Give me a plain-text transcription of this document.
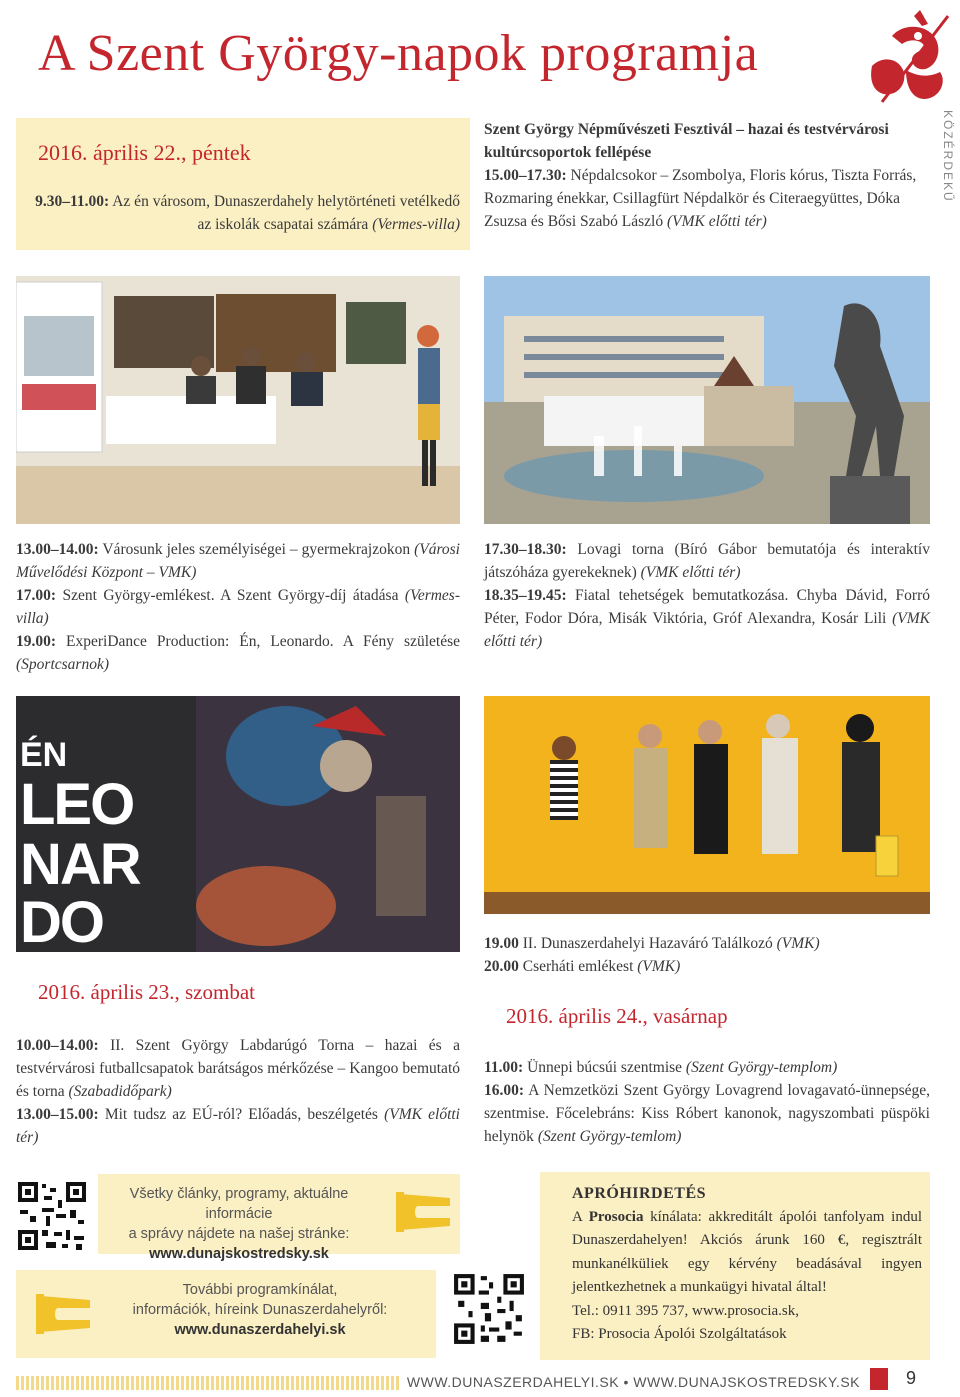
A Szent György-napok programja
KÖZÉRDEKŰ
2016. április 22., péntek

9.30–11.00: Az én városom, Dunaszerdahely helytörténeti vetélkedő az iskolák csapatai számára (Vermes-villa)

Szent György Népművészeti Fesztivál – hazai és testvérvárosi kultúrcsoportok fellépése

15.00–17.30: Népdalcsokor – Zsombolya, Floris kórus, Tiszta Forrás, Rozmaring énekkar, Csillagfürt Népdalkör és Citeraegyüttes, Dóka Zsuzsa és Bősi Szabó László (VMK előtti tér)

13.00–14.00: Városunk jeles személyiségei – gyermekrajzokon (Városi Művelődési Központ – VMK)

17.00: Szent György-emlékest. A Szent György-díj átadása (Vermes-villa)

19.00: ExperiDance Production: Én, Leonardo. A Fény születése (Sportcsarnok)

17.30–18.30: Lovagi torna (Bíró Gábor bemutatója és interaktív játszóháza gyerekeknek) (VMK előtti tér)

18.35–19.45: Fiatal tehetségek bemutatkozása. Chyba Dávid, Forró Péter, Fodor Dóra, Misák Viktória, Gróf Alexandra, Kosár Lili (VMK előtti tér)

ÉN
LEO
NAR
DO	19.00 II. Dunaszerdahelyi Hazaváró Találkozó (VMK)

20.00 Cserháti emlékest (VMK)

2016. április 23., szombat

10.00–14.00: II. Szent György Labdarúgó Torna – hazai és a testvérvárosi futballcsapatok barátságos mérkőzése – Kangoo bemutató és torna (Szabadidőpark)

13.00–15.00: Mit tudsz az EÚ-ról? Előadás, beszélgetés (VMK előtti tér)

2016. április 24., vasárnap

11.00: Ünnepi búcsúi szentmise (Szent György-templom)

16.00: A Nemzetközi Szent György Lovagrend lovagavató-ünnepsége, szentmise. Főcelebráns: Kiss Róbert kanonok, nagyszombati püspöki helynök (Szent György-temlom)

Všetky články, programy, aktuálne informácie
a správy nájdete na našej stránke:
www.dunajskostredsky.sk
További programkínálat,
információk, híreink Dunaszerdahelyről:
www.dunaszerdahelyi.sk
APRÓHIRDETÉS
A Prosocia kínálata: akkreditált ápolói tanfolyam indul Dunaszerdahelyen! Akciós árunk 160 €, regisztrált munkanélküliek egy kérvény beadásával ingyen jelentkezhetnek a munkaügyi hivatal által!
Tel.: 0911 395 737, www.prosocia.sk,
FB: Prosocia Ápolói Szolgáltatások
WWW.DUNASZERDAHELYI.SK • WWW.DUNAJSKOSTREDSKY.SK	9
